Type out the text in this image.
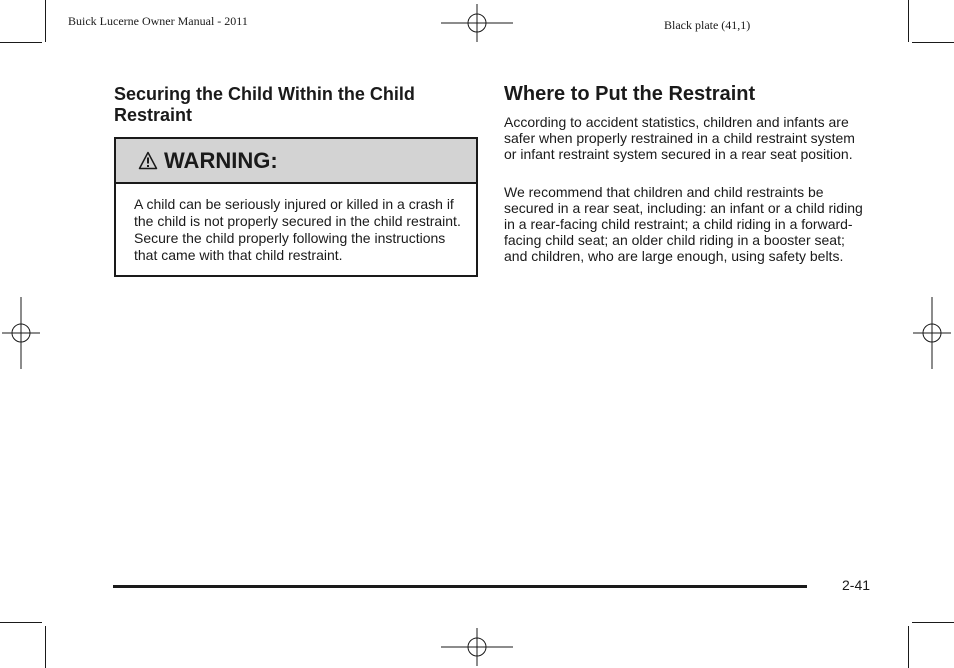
Buick Lucerne Owner Manual - 2011	Black plate (41,1)
Securing the Child Within the Child Restraint
WARNING:
A child can be seriously injured or killed in a crash if the child is not properly secured in the child restraint. Secure the child properly following the instructions that came with that child restraint.
Where to Put the Restraint

According to accident statistics, children and infants are safer when properly restrained in a child restraint system or infant restraint system secured in a rear seat position.

We recommend that children and child restraints be secured in a rear seat, including: an infant or a child riding in a rear-facing child restraint; a child riding in a forward-facing child seat; an older child riding in a booster seat; and children, who are large enough, using safety belts.

2-41
